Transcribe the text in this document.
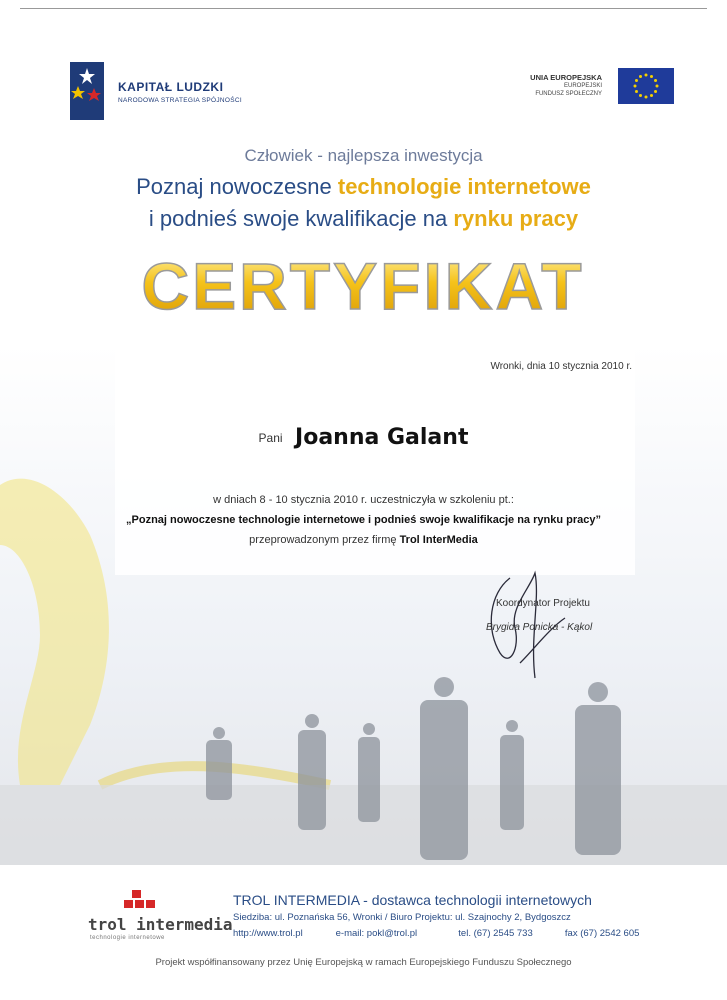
KAPITAŁ LUDZKI
NARODOWA STRATEGIA SPÓJNOŚCI
UNIA EUROPEJSKA
EUROPEJSKI
FUNDUSZ SPOŁECZNY
Człowiek - najlepsza inwestycja
Poznaj nowoczesne technologie internetowe
i podnieś swoje kwalifikacje na rynku pracy
CERTYFIKAT
Wronki, dnia 10 stycznia 2010 r.
Pani Joanna Galant
w dniach 8 - 10 stycznia 2010 r. uczestniczyła w szkoleniu pt.:
„Poznaj nowoczesne technologie internetowe i podnieś swoje kwalifikacje na rynku pracy”
przeprowadzonym przez firmę Trol InterMedia
Koordynator Projektu
Brygida Ponicka - Kąkol
trol intermedia
technologie internetowe
TROL INTERMEDIA - dostawca technologii internetowych
Siedziba: ul. Poznańska 56, Wronki / Biuro Projektu: ul. Szajnochy 2, Bydgoszcz
http://www.trol.pl	e-mail: pokl@trol.pl	tel. (67) 2545 733	fax (67) 2542 605
Projekt współfinansowany przez Unię Europejską w ramach Europejskiego Funduszu Społecznego
